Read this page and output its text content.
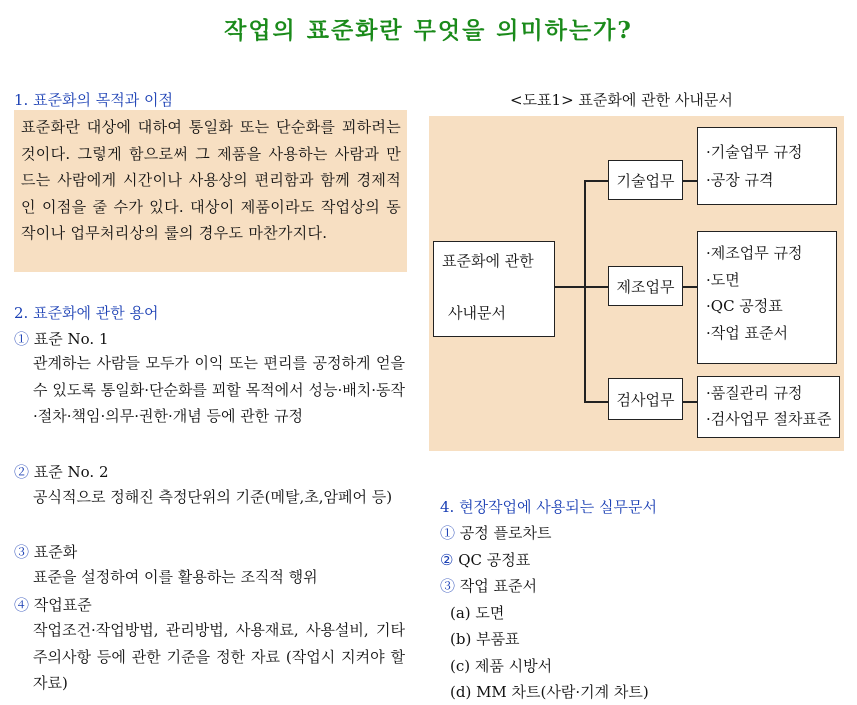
작업의 표준화란 무엇을 의미하는가?
1. 표준화의 목적과 이점
표준화란 대상에 대하여 통일화 또는 단순화를 꾀하려는 것이다. 그렇게 함으로써 그 제품을 사용하는 사람과 만드는 사람에게 시간이나 사용상의 편리함과 함께 경제적인 이점을 줄 수가 있다. 대상이 제품이라도 작업상의 동작이나 업무처리상의 룰의 경우도 마찬가지다.
2. 표준화에 관한 용어
① 표준 No. 1
관계하는 사람들 모두가 이익 또는 편리를 공정하게 얻을 수 있도록 통일화·단순화를 꾀할 목적에서 성능·배치·동작·절차·책임·의무·권한·개념 등에 관한 규정
② 표준 No. 2
공식적으로 정해진 측정단위의 기준(메탈,초,암페어 등)
③ 표준화
표준을 설정하여 이를 활용하는 조직적 행위
④ 작업표준
작업조건·작업방법, 관리방법, 사용재료, 사용설비, 기타 주의사항 등에 관한 기준을 정한 자료 (작업시 지켜야 할 자료)
<도표1> 표준화에 관한 사내문서
표준화에 관한
사내문서
기술업무
제조업무
검사업무
·기술업무 규정
·공장 규격
·제조업무 규정
·도면
·QC 공정표
·작업 표준서
·품질관리 규정
·검사업무 절차표준
4. 현장작업에 사용되는 실무문서
① 공정 플로차트
② QC 공정표
③ 작업 표준서
(a) 도면
(b) 부품표
(c) 제품 시방서
(d) MM 차트(사람·기계 차트)
